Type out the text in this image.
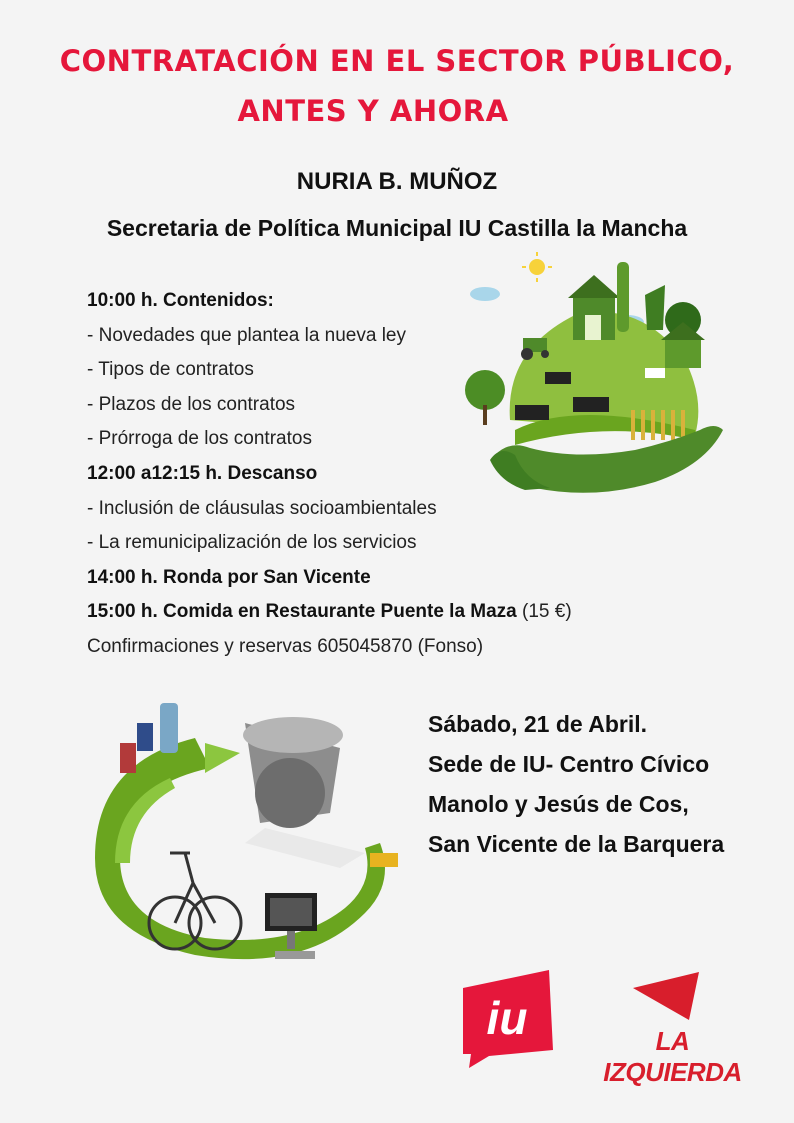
CONTRATACIÓN EN EL SECTOR PÚBLICO,
ANTES Y AHORA
NURIA B. MUÑOZ
Secretaria de Política Municipal IU Castilla la Mancha
10:00 h. Contenidos:
- Novedades que plantea la nueva ley
- Tipos de contratos
- Plazos de los contratos
- Prórroga de los contratos
12:00 a12:15 h. Descanso
- Inclusión de cláusulas socioambientales
- La remunicipalización de los servicios
14:00 h. Ronda por San Vicente
15:00 h. Comida en Restaurante Puente la Maza (15 €)
Confirmaciones y reservas 605045870 (Fonso)
Sábado, 21 de Abril.
Sede de IU- Centro Cívico
Manolo y Jesús de Cos,
San Vicente de la Barquera
iu	LA IZQUIERDA
